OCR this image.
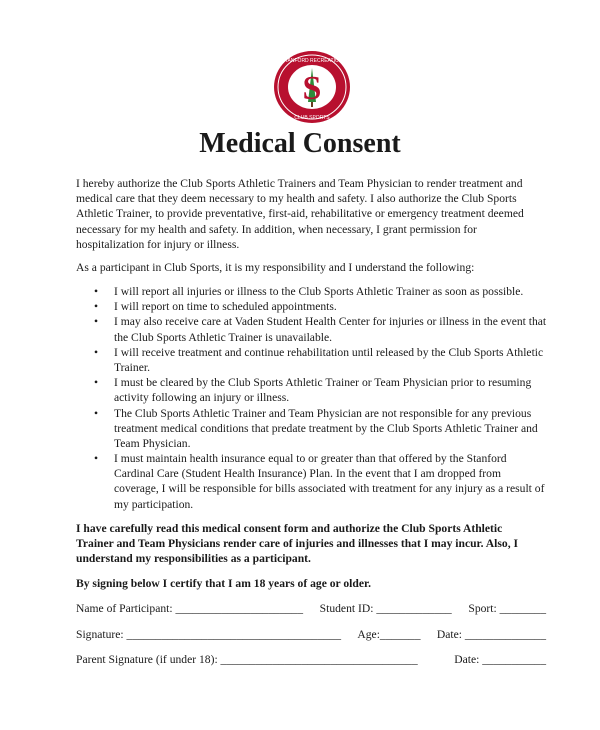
S
STANFORD RECREATION
CLUB SPORTS
Medical Consent
I hereby authorize the Club Sports Athletic Trainers and Team Physician to render treatment and
medical care that they deem necessary to my health and safety. I also authorize the Club Sports
Athletic Trainer, to provide preventative, first-aid, rehabilitative or emergency treatment deemed
necessary for my health and safety. In addition, when necessary, I grant permission for
hospitalization for injury or illness.
As a participant in Club Sports, it is my responsibility and I understand the following:
• I will report all injuries or illness to the Club Sports Athletic Trainer as soon as possible.
• I will report on time to scheduled appointments.
• I may also receive care at Vaden Student Health Center for injuries or illness in the event that
the Club Sports Athletic Trainer is unavailable.
• I will receive treatment and continue rehabilitation until released by the Club Sports Athletic
Trainer.
• I must be cleared by the Club Sports Athletic Trainer or Team Physician prior to resuming
activity following an injury or illness.
• The Club Sports Athletic Trainer and Team Physician are not responsible for any previous
treatment medical conditions that predate treatment by the Club Sports Athletic Trainer and
Team Physician.
• I must maintain health insurance equal to or greater than that offered by the Stanford
Cardinal Care (Student Health Insurance) Plan. In the event that I am dropped from
coverage, I will be responsible for bills associated with treatment for any injury as a result of
my participation.
I have carefully read this medical consent form and authorize the Club Sports Athletic
Trainer and Team Physicians render care of injuries and illnesses that I may incur. Also, I
understand my responsibilities as a participant.
By signing below I certify that I am 18 years of age or older.
Name of Participant: ______________________ Student ID: _____________ Sport: ________
Signature: _____________________________________ Age:_______ Date: ______________
Parent Signature (if under 18): __________________________________	Date: ___________
